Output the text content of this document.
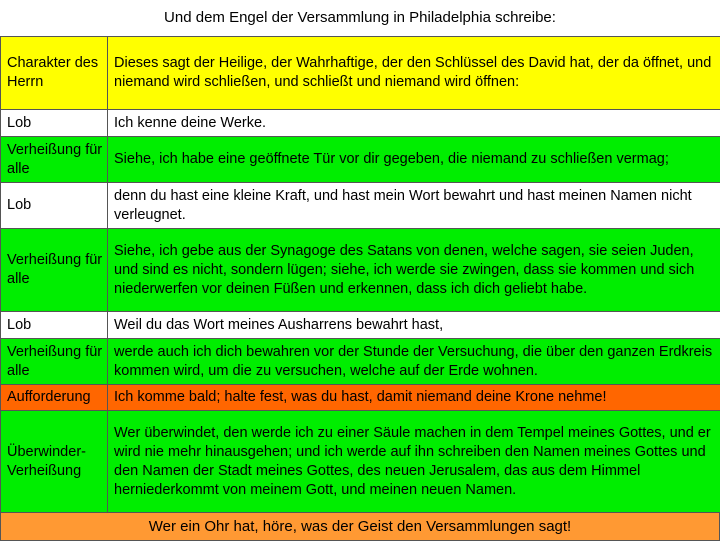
Und dem Engel der Versammlung in Philadelphia schreibe:
Charakter des Herrn	Dieses sagt der Heilige, der Wahrhaftige, der den Schlüssel des David hat, der da öffnet, und niemand wird schließen, und schließt und niemand wird öffnen:
Lob	Ich kenne deine Werke.
Verheißung für alle	Siehe, ich habe eine geöffnete Tür vor dir gegeben, die niemand zu schließen vermag;
Lob	denn du hast eine kleine Kraft, und hast mein Wort bewahrt und hast meinen Namen nicht verleugnet.
Verheißung für alle	Siehe, ich gebe aus der Synagoge des Satans von denen, welche sagen, sie seien Juden, und sind es nicht, sondern lügen; siehe, ich werde sie zwingen, dass sie kommen und sich niederwerfen vor deinen Füßen und erkennen, dass ich dich geliebt habe.
Lob	Weil du das Wort meines Ausharrens bewahrt hast,
Verheißung für alle	werde auch ich dich bewahren vor der Stunde der Versuchung, die über den ganzen Erdkreis kommen wird, um die zu versuchen, welche auf der Erde wohnen.
Aufforderung	Ich komme bald; halte fest, was du hast, damit niemand deine Krone nehme!
Überwinder-Verheißung	Wer überwindet, den werde ich zu einer Säule machen in dem Tempel meines Gottes, und er wird nie mehr hinausgehen; und ich werde auf ihn schreiben den Namen meines Gottes und den Namen der Stadt meines Gottes, des neuen Jerusalem, das aus dem Himmel herniederkommt von meinem Gott, und meinen neuen Namen.
Wer ein Ohr hat, höre, was der Geist den Versammlungen sagt!
